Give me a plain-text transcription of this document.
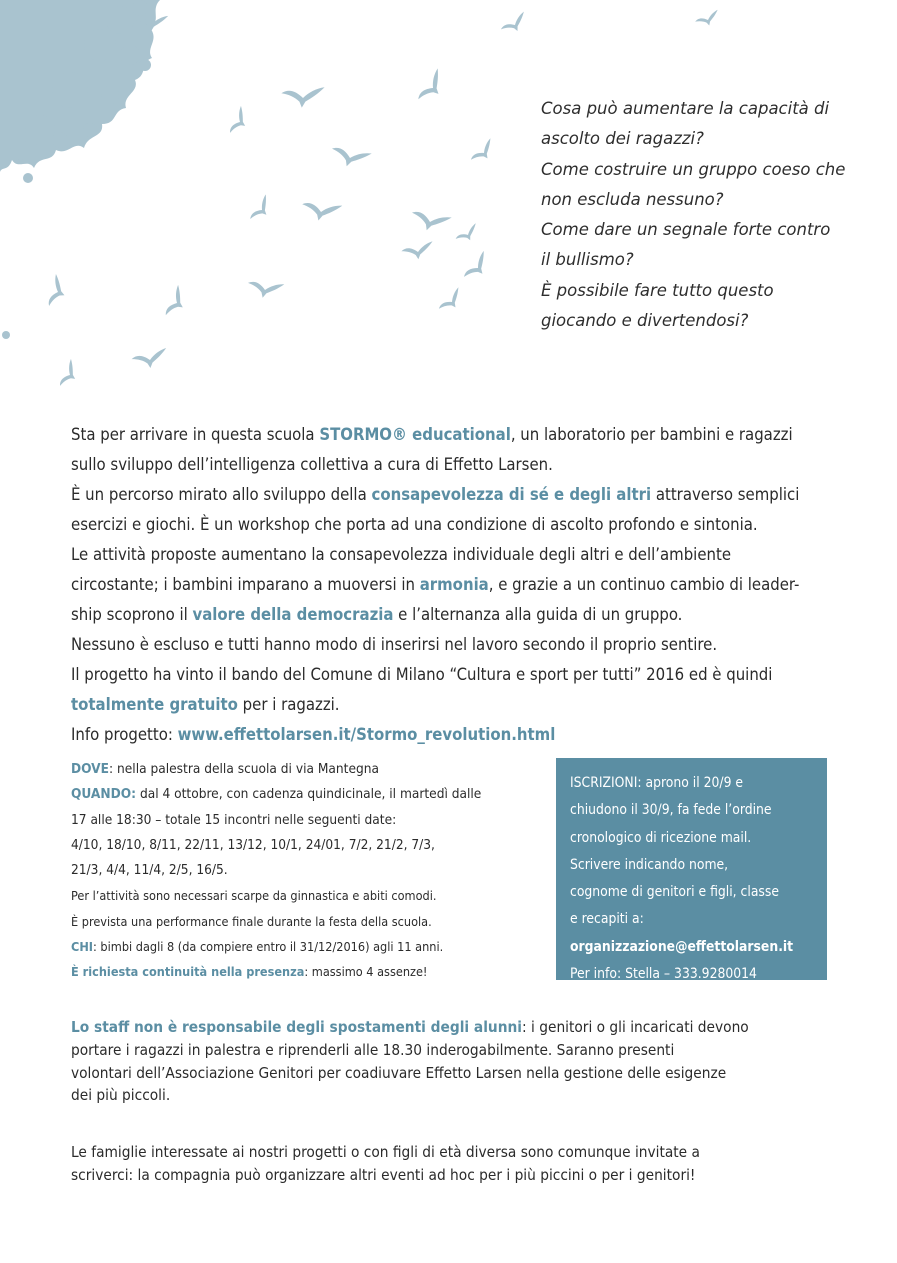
Cosa può aumentare la capacità di
ascolto dei ragazzi?
Come costruire un gruppo coeso che
non escluda nessuno?
Come dare un segnale forte contro
il bullismo?
È possibile fare tutto questo
giocando e divertendosi?
Sta per arrivare in questa scuola STORMO® educational, un laboratorio per bambini e ragazzi
sullo sviluppo dell’intelligenza collettiva a cura di Effetto Larsen.
È un percorso mirato allo sviluppo della consapevolezza di sé e degli altri attraverso semplici
esercizi e giochi. È un workshop che porta ad una condizione di ascolto profondo e sintonia.
Le attività proposte aumentano la consapevolezza individuale degli altri e dell’ambiente
circostante; i bambini imparano a muoversi in armonia, e grazie a un continuo cambio di leader-
ship scoprono il valore della democrazia e l’alternanza alla guida di un gruppo.
Nessuno è escluso e tutti hanno modo di inserirsi nel lavoro secondo il proprio sentire.
Il progetto ha vinto il bando del Comune di Milano “Cultura e sport per tutti” 2016 ed è quindi
totalmente gratuito per i ragazzi.
Info progetto: www.effettolarsen.it/Stormo_revolution.html
DOVE: nella palestra della scuola di via Mantegna
QUANDO: dal 4 ottobre, con cadenza quindicinale, il martedì dalle
17 alle 18:30 – totale 15 incontri nelle seguenti date:
4/10, 18/10, 8/11, 22/11, 13/12, 10/1, 24/01, 7/2, 21/2, 7/3,
21/3, 4/4, 11/4, 2/5, 16/5.
Per l’attività sono necessari scarpe da ginnastica e abiti comodi.
È prevista una performance finale durante la festa della scuola.
CHI: bimbi dagli 8 (da compiere entro il 31/12/2016) agli 11 anni.
È richiesta continuità nella presenza: massimo 4 assenze!
ISCRIZIONI: aprono il 20/9 e
chiudono il 30/9, fa fede l’ordine
cronologico di ricezione mail.
Scrivere indicando nome,
cognome di genitori e figli, classe
e recapiti a:
organizzazione@effettolarsen.it
Per info: Stella – 333.9280014
Lo staff non è responsabile degli spostamenti degli alunni: i genitori o gli incaricati devono
portare i ragazzi in palestra e riprenderli alle 18.30 inderogabilmente. Saranno presenti
volontari dell’Associazione Genitori per coadiuvare Effetto Larsen nella gestione delle esigenze
dei più piccoli.
Le famiglie interessate ai nostri progetti o con figli di età diversa sono comunque invitate a
scriverci: la compagnia può organizzare altri eventi ad hoc per i più piccini o per i genitori!
